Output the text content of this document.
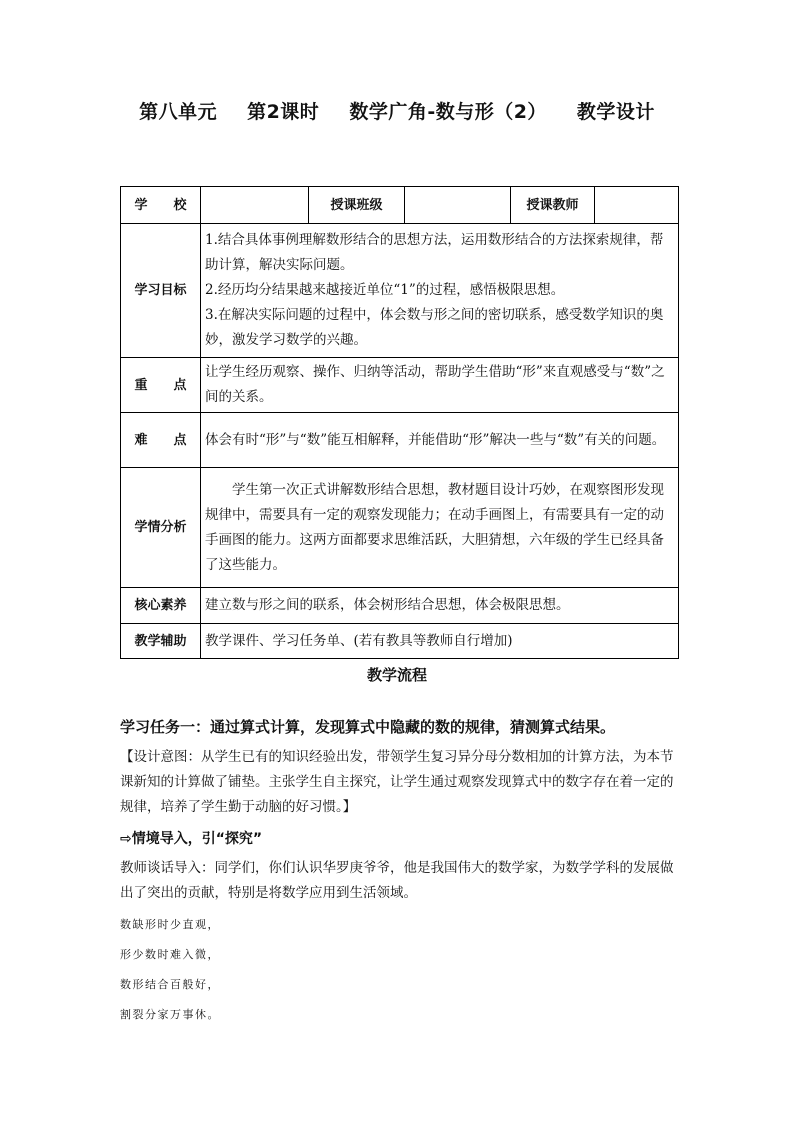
第八单元 第2课时 数学广角-数与形（2） 教学设计
学　　校		授课班级		授课教师	
学习目标	1.结合具体事例理解数形结合的思想方法，运用数形结合的方法探索规律，帮助计算，解决实际问题。

2.经历均分结果越来越接近单位“1”的过程，感悟极限思想。

3.在解决实际问题的过程中，体会数与形之间的密切联系，感受数学知识的奥妙，激发学习数学的兴趣。				

重　　点	让学生经历观察、操作、归纳等活动，帮助学生借助“形”来直观感受与“数”之间的关系。				
难　　点	体会有时“形”与“数”能互相解释，并能借助“形”解决一些与“数”有关的问题。				
学情分析	学生第一次正式讲解数形结合思想，教材题目设计巧妙，在观察图形发现规律中，需要具有一定的观察发现能力；在动手画图上，有需要具有一定的动手画图的能力。这两方面都要求思维活跃，大胆猜想，六年级的学生已经具备了这些能力。				
核心素养	建立数与形之间的联系，体会树形结合思想，体会极限思想。				
教学辅助	教学课件、学习任务单、(若有教具等教师自行增加)				
教学流程
学习任务一：通过算式计算，发现算式中隐藏的数的规律，猜测算式结果。
【设计意图：从学生已有的知识经验出发，带领学生复习异分母分数相加的计算方法，为本节课新知的计算做了铺垫。主张学生自主探究，让学生通过观察发现算式中的数字存在着一定的规律，培养了学生勤于动脑的好习惯。】
⇨情境导入，引“探究”
教师谈话导入：同学们，你们认识华罗庚爷爷，他是我国伟大的数学家，为数学学科的发展做出了突出的贡献，特别是将数学应用到生活领域。
数缺形时少直观，
形少数时难入微，
数形结合百般好，
割裂分家万事休。
